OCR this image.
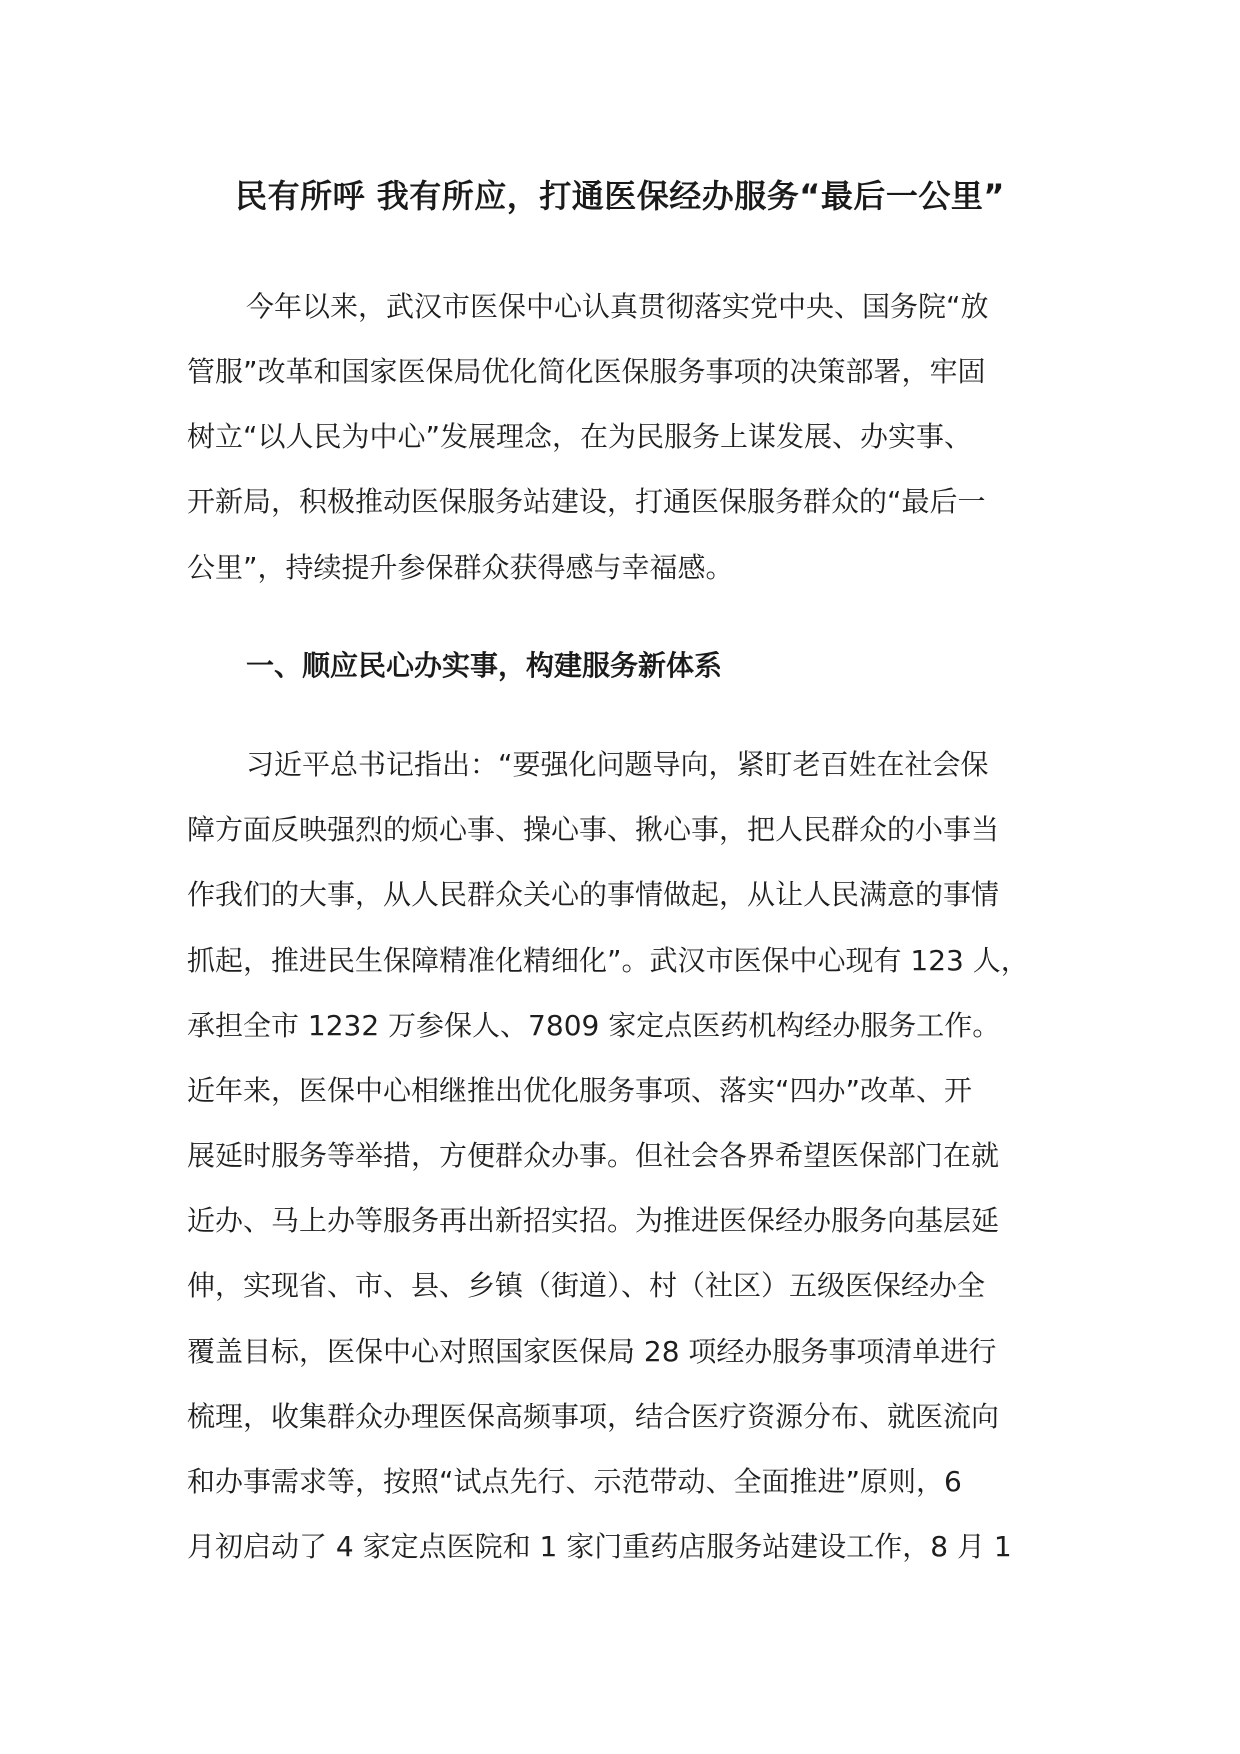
民有所呼 我有所应，打通医保经办服务“最后一公里”
今年以来，武汉市医保中心认真贯彻落实党中央、国务院“放
管服”改革和国家医保局优化简化医保服务事项的决策部署，牢固
树立“以人民为中心”发展理念，在为民服务上谋发展、办实事、
开新局，积极推动医保服务站建设，打通医保服务群众的“最后一
公里”，持续提升参保群众获得感与幸福感。
一、顺应民心办实事，构建服务新体系
习近平总书记指出：“要强化问题导向，紧盯老百姓在社会保
障方面反映强烈的烦心事、操心事、揪心事，把人民群众的小事当
作我们的大事，从人民群众关心的事情做起，从让人民满意的事情
抓起，推进民生保障精准化精细化”。武汉市医保中心现有 123 人，
承担全市 1232 万参保人、7809 家定点医药机构经办服务工作。
近年来，医保中心相继推出优化服务事项、落实“四办”改革、开
展延时服务等举措，方便群众办事。但社会各界希望医保部门在就
近办、马上办等服务再出新招实招。为推进医保经办服务向基层延
伸，实现省、市、县、乡镇（街道）、村（社区）五级医保经办全
覆盖目标，医保中心对照国家医保局 28 项经办服务事项清单进行
梳理，收集群众办理医保高频事项，结合医疗资源分布、就医流向
和办事需求等，按照“试点先行、示范带动、全面推进”原则，6
月初启动了 4 家定点医院和 1 家门重药店服务站建设工作，8 月 1
